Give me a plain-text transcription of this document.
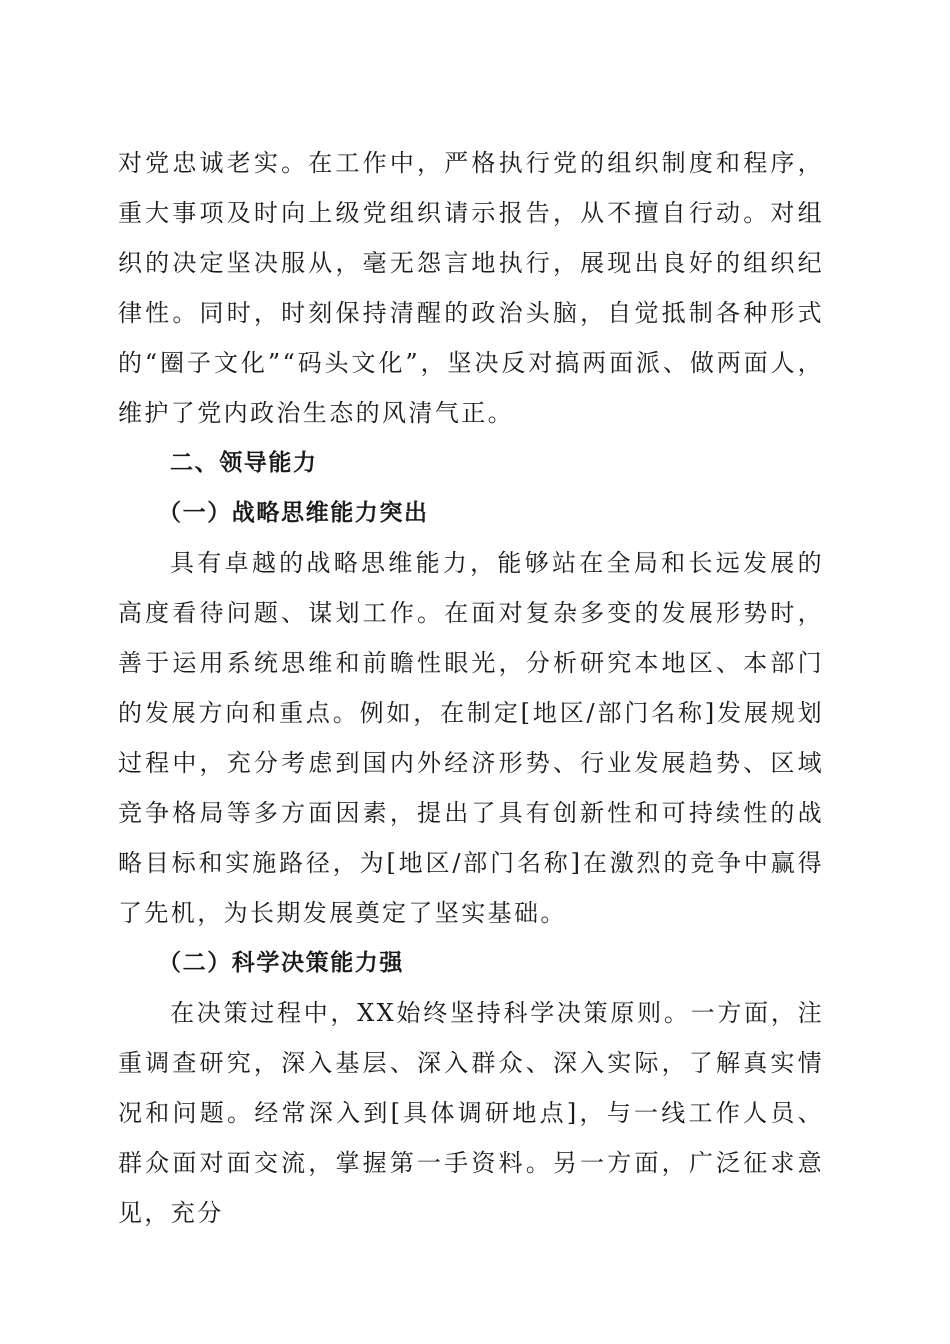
对党忠诚老实。在工作中，严格执行党的组织制度和程序，重大事项及时向上级党组织请示报告，从不擅自行动。对组织的决定坚决服从，毫无怨言地执行，展现出良好的组织纪律性。同时，时刻保持清醒的政治头脑，自觉抵制各种形式的“圈子文化”“码头文化”，坚决反对搞两面派、做两面人，维护了党内政治生态的风清气正。

二、领导能力

（一）战略思维能力突出

具有卓越的战略思维能力，能够站在全局和长远发展的高度看待问题、谋划工作。在面对复杂多变的发展形势时，善于运用系统思维和前瞻性眼光，分析研究本地区、本部门的发展方向和重点。例如，在制定[地区/部门名称]发展规划过程中，充分考虑到国内外经济形势、行业发展趋势、区域竞争格局等多方面因素，提出了具有创新性和可持续性的战略目标和实施路径，为[地区/部门名称]在激烈的竞争中赢得了先机，为长期发展奠定了坚实基础。

（二）科学决策能力强

在决策过程中，XX始终坚持科学决策原则。一方面，注重调查研究，深入基层、深入群众、深入实际，了解真实情况和问题。经常深入到[具体调研地点]，与一线工作人员、群众面对面交流，掌握第一手资料。另一方面，广泛征求意见，充分
